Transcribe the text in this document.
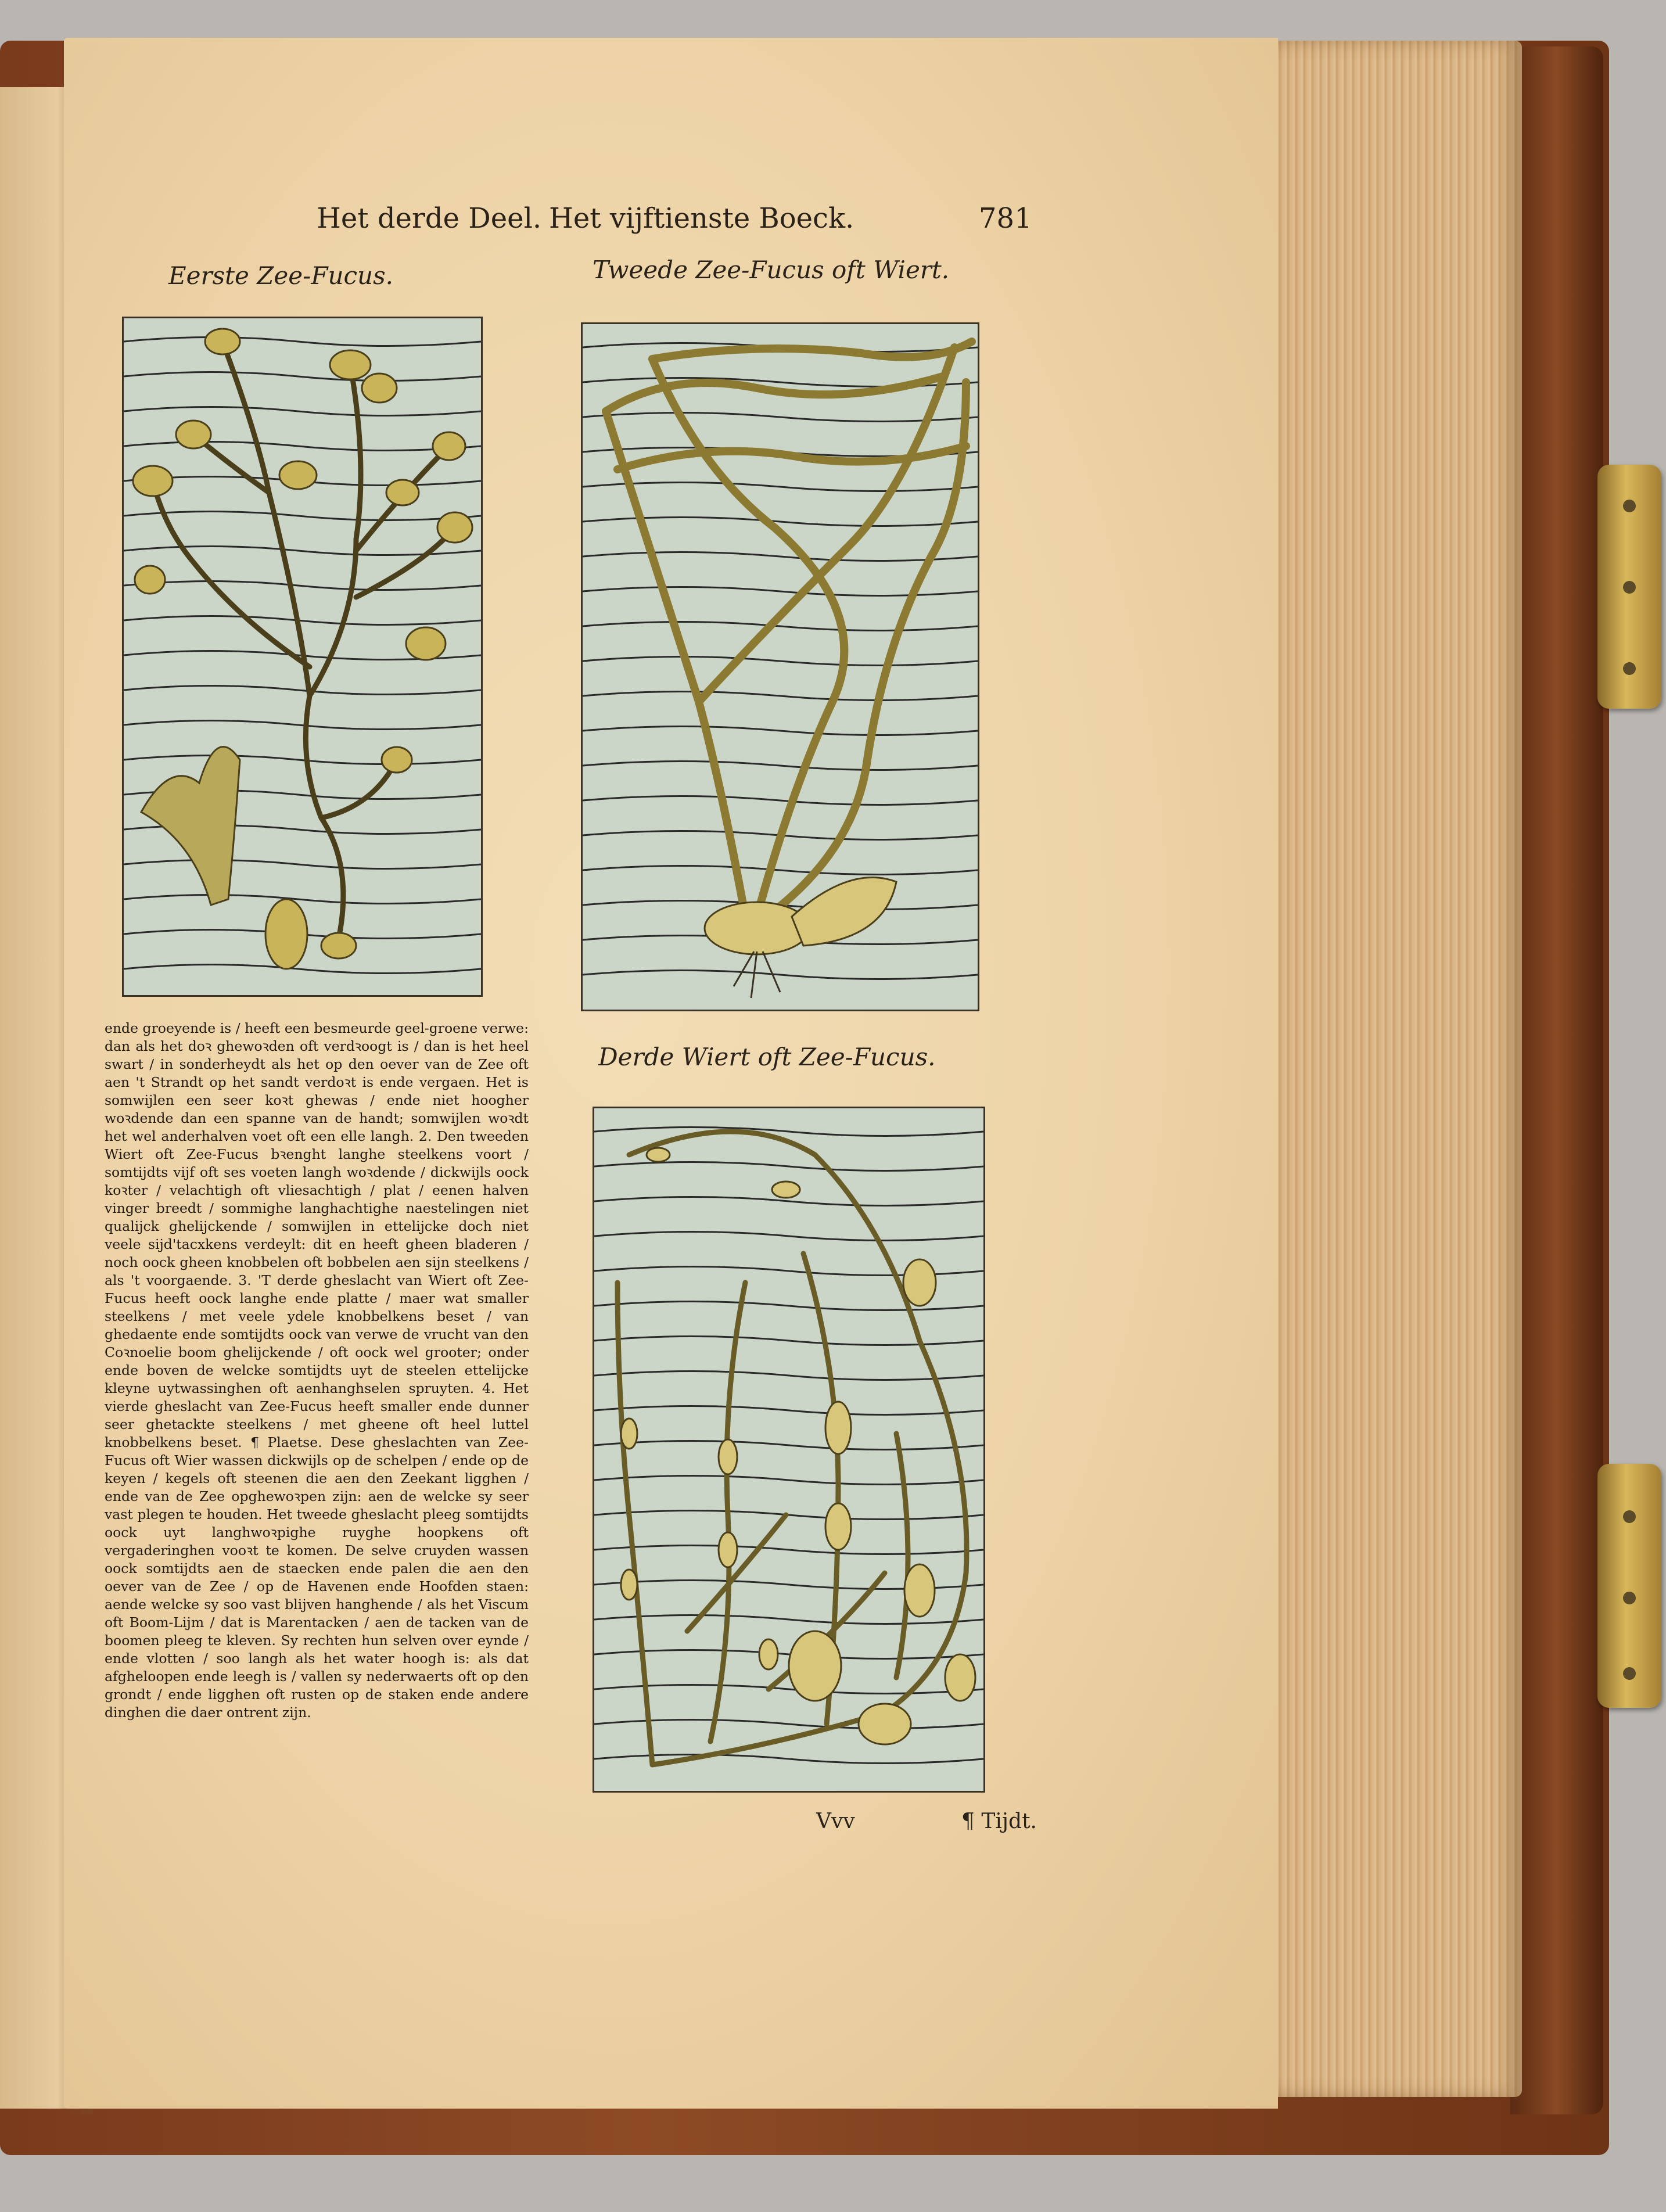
Het derde Deel. Het vijftienste Boeck.	781
Eerste Zee-Fucus.	Tweede Zee-Fucus oft Wiert.
Derde Wiert oft Zee-Fucus.

ende groeyende is / heeft een besmeurde geel-groene verwe: dan als het doꝛ ghewoꝛden oft verdꝛoogt is / dan is het heel swart / in sonderheydt als het op den oever van de Zee oft aen 't Strandt op het sandt verdoꝛt is ende vergaen. Het is somwijlen een seer koꝛt ghewas / ende niet hoogher woꝛdende dan een spanne van de handt; somwijlen woꝛdt het wel anderhalven voet oft een elle langh. 2. Den tweeden Wiert oft Zee-Fucus bꝛenght langhe steelkens voort / somtijdts vijf oft ses voeten langh woꝛdende / dickwijls oock koꝛter / velachtigh oft vliesachtigh / plat / eenen halven vinger breedt / sommighe langhachtighe naestelingen niet qualijck ghelijckende / somwijlen in ettelijcke doch niet veele sijd'tacxkens verdeylt: dit en heeft gheen bladeren / noch oock gheen knobbelen oft bobbelen aen sijn steelkens / als 't voorgaende. 3. 'T derde gheslacht van Wiert oft Zee-Fucus heeft oock langhe ende platte / maer wat smaller steelkens / met veele ydele knobbelkens beset / van ghedaente ende somtijdts oock van verwe de vrucht van den Coꝛnoelie boom ghelijckende / oft oock wel grooter; onder ende boven de welcke somtijdts uyt de steelen ettelijcke kleyne uytwassinghen oft aenhanghselen spruyten. 4. Het vierde gheslacht van Zee-Fucus heeft smaller ende dunner seer ghetackte steelkens / met gheene oft heel luttel knobbelkens beset. ¶ Plaetse. Dese gheslachten van Zee-Fucus oft Wier wassen dickwijls op de schelpen / ende op de keyen / kegels oft steenen die aen den Zeekant ligghen / ende van de Zee opghewoꝛpen zijn: aen de welcke sy seer vast plegen te houden. Het tweede gheslacht pleeg somtijdts oock uyt langhwoꝛpighe ruyghe hoopkens oft vergaderinghen vooꝛt te komen. De selve cruyden wassen oock somtijdts aen de staecken ende palen die aen den oever van de Zee / op de Havenen ende Hoofden staen: aende welcke sy soo vast blijven hanghende / als het Viscum oft Boom-Lijm / dat is Marentacken / aen de tacken van de boomen pleeg te kleven. Sy rechten hun selven over eynde / ende vlotten / soo langh als het water hoogh is: als dat afgheloopen ende leegh is / vallen sy nederwaerts oft op den grondt / ende ligghen oft rusten op de staken ende andere dinghen die daer ontrent zijn.

Vvv	¶ Tijdt.
